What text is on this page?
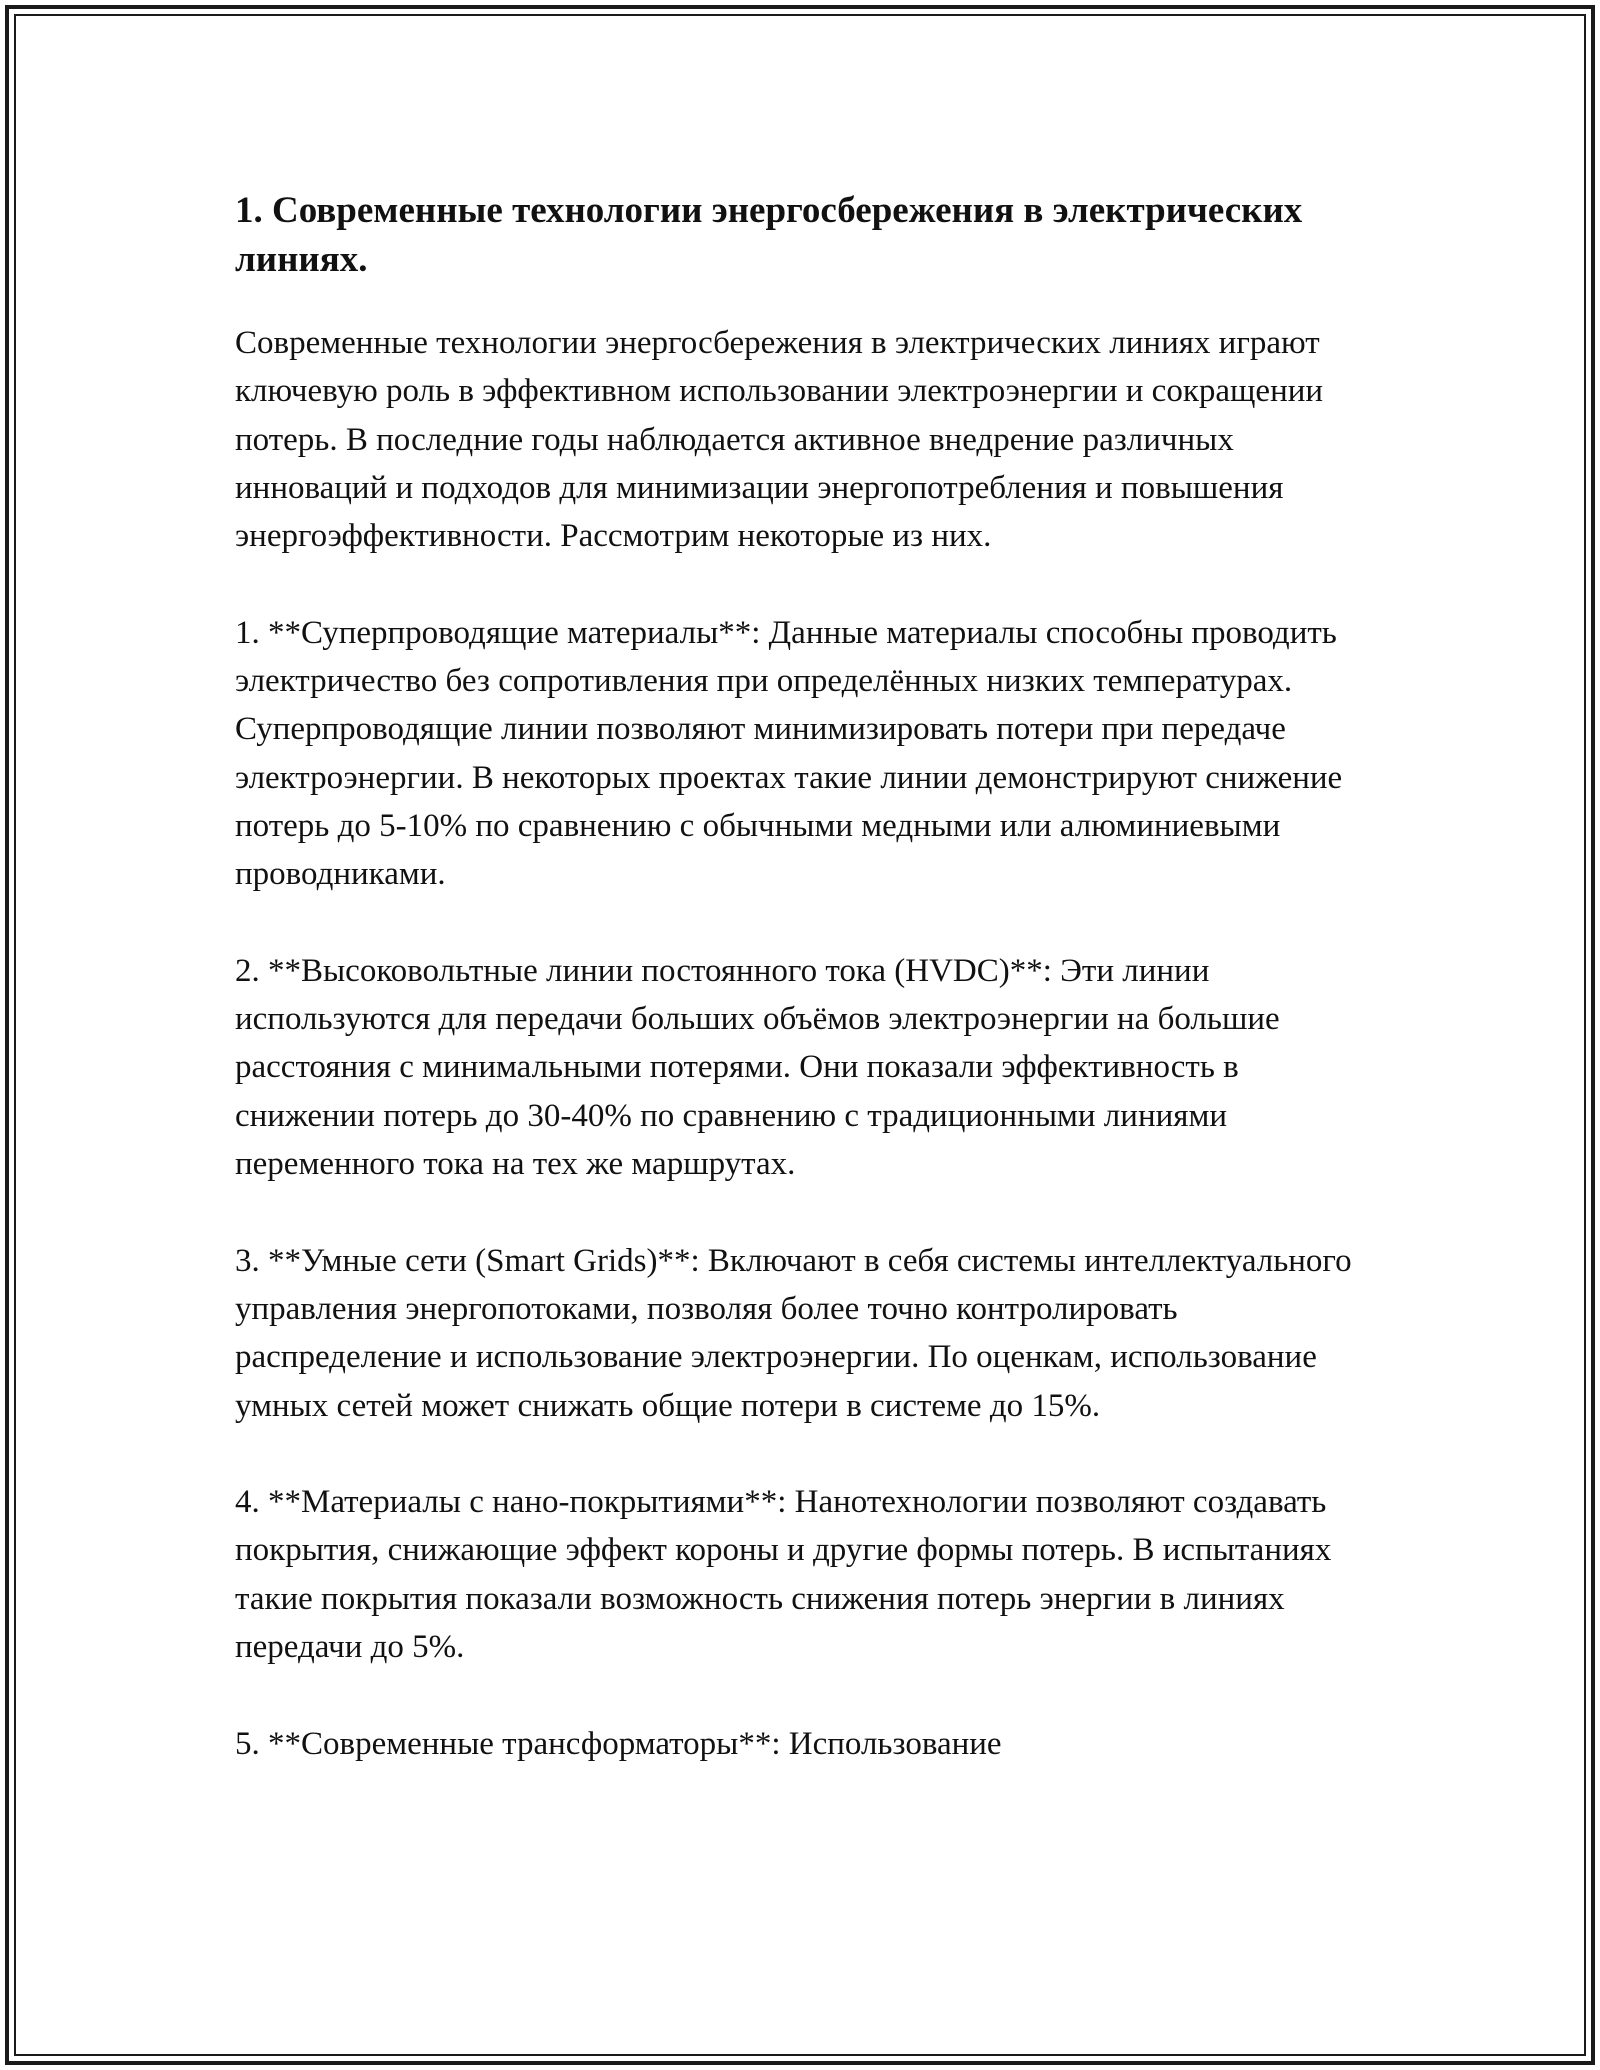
1. Современные технологии энергосбережения в электрических линиях.

Современные технологии энергосбережения в электрических линиях играют ключевую роль в эффективном использовании электроэнергии и сокращении потерь. В последние годы наблюдается активное внедрение различных инноваций и подходов для минимизации энергопотребления и повышения энергоэффективности. Рассмотрим некоторые из них.

1. **Суперпроводящие материалы**: Данные материалы способны проводить электричество без сопротивления при определённых низких температурах. Суперпроводящие линии позволяют минимизировать потери при передаче электроэнергии. В некоторых проектах такие линии демонстрируют снижение потерь до 5-10% по сравнению с обычными медными или алюминиевыми проводниками.

2. **Высоковольтные линии постоянного тока (HVDC)**: Эти линии используются для передачи больших объёмов электроэнергии на большие расстояния с минимальными потерями. Они показали эффективность в снижении потерь до 30-40% по сравнению с традиционными линиями переменного тока на тех же маршрутах.

3. **Умные сети (Smart Grids)**: Включают в себя системы интеллектуального управления энергопотоками, позволяя более точно контролировать распределение и использование электроэнергии. По оценкам, использование умных сетей может снижать общие потери в системе до 15%.

4. **Материалы с нано-покрытиями**: Нанотехнологии позволяют создавать покрытия, снижающие эффект короны и другие формы потерь. В испытаниях такие покрытия показали возможность снижения потерь энергии в линиях передачи до 5%.

5. **Современные трансформаторы**: Использование
